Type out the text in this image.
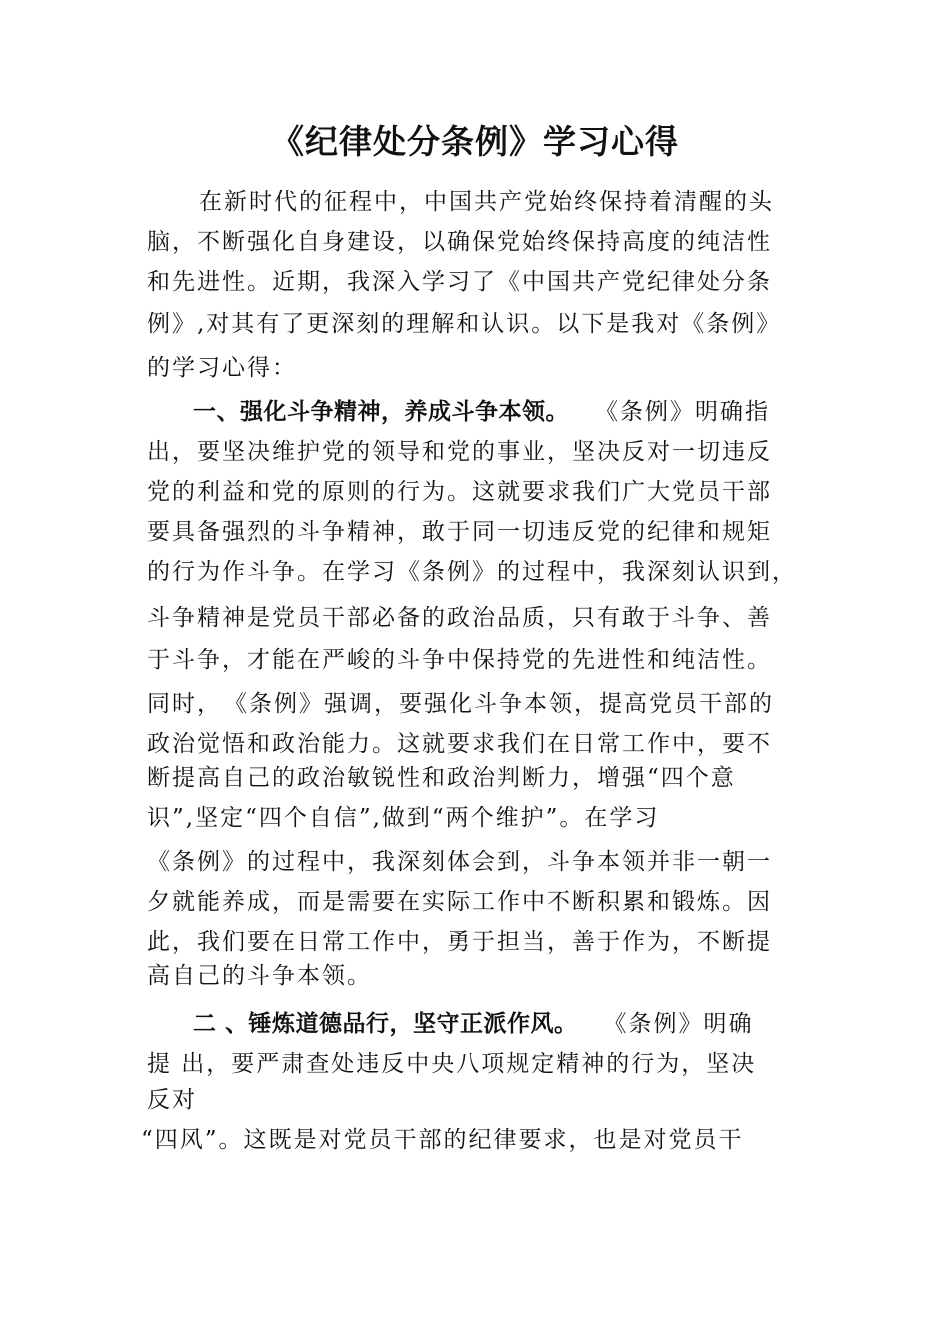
《纪律处分条例》学习心得
在新时代的征程中，中国共产党始终保持着清醒的头
脑，不断强化自身建设，以确保党始终保持高度的纯洁性
和先进性。近期，我深入学习了《中国共产党纪律处分条
例》,对其有了更深刻的理解和认识。以下是我对《条例》
的学习心得：
一、强化斗争精神，养成斗争本领。 《条例》明确指
出，要坚决维护党的领导和党的事业，坚决反对一切违反
党的利益和党的原则的行为。这就要求我们广大党员干部
要具备强烈的斗争精神，敢于同一切违反党的纪律和规矩
的行为作斗争。在学习《条例》的过程中，我深刻认识到，
斗争精神是党员干部必备的政治品质，只有敢于斗争、善
于斗争，才能在严峻的斗争中保持党的先进性和纯洁性。
同时，　《条例》强调，要强化斗争本领，提高党员干部的
政治觉悟和政治能力。这就要求我们在日常工作中，要不
断提高自己的政治敏锐性和政治判断力，增强“四个意
识”,坚定“四个自信”,做到“两个维护”。在学习
《条例》的过程中，我深刻体会到，斗争本领并非一朝一
夕就能养成，而是需要在实际工作中不断积累和锻炼。因
此，我们要在日常工作中，勇于担当，善于作为，不断提
高自己的斗争本领。
二 、锤炼道德品行，坚守正派作风。 《条例》明确
提 出，要严肃查处违反中央八项规定精神的行为，坚决
反对
“四风”。这既是对党员干部的纪律要求，也是对党员干
